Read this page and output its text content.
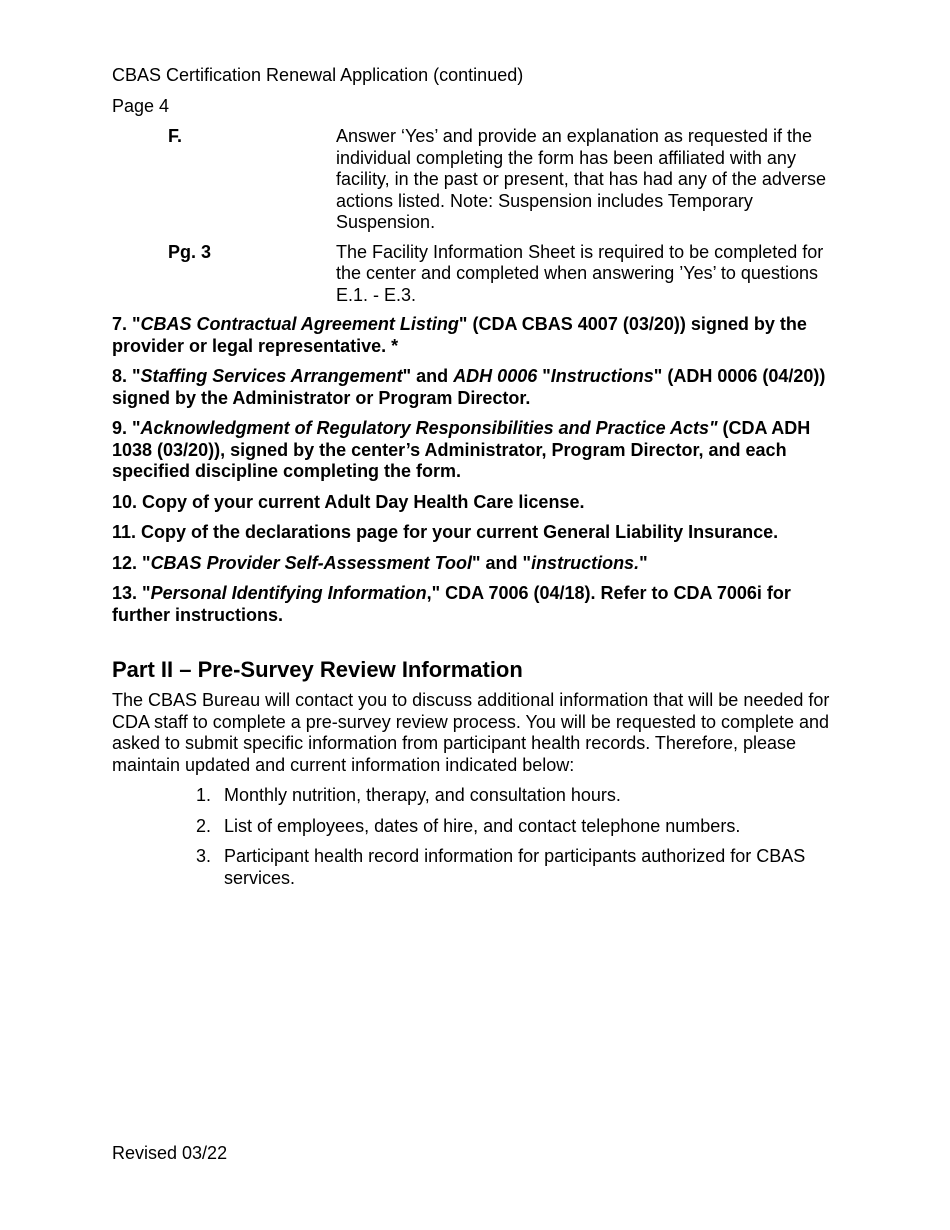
CBAS Certification Renewal Application (continued)
Page 4
F.	Answer ‘Yes’ and provide an explanation as requested if the individual completing the form has been affiliated with any facility, in the past or present, that has had any of the adverse actions listed. Note: Suspension includes Temporary Suspension.
Pg. 3	The Facility Information Sheet is required to be completed for the center and completed when answering ’Yes’ to questions E.1. - E.3.
7. "CBAS Contractual Agreement Listing" (CDA CBAS 4007 (03/20)) signed by the provider or legal representative. *
8. "Staffing Services Arrangement" and ADH 0006 "Instructions" (ADH 0006 (04/20)) signed by the Administrator or Program Director.
9. "Acknowledgment of Regulatory Responsibilities and Practice Acts" (CDA ADH 1038 (03/20)), signed by the center’s Administrator, Program Director, and each specified discipline completing the form.
10. Copy of your current Adult Day Health Care license.
11. Copy of the declarations page for your current General Liability Insurance.
12. "CBAS Provider Self-Assessment Tool" and "instructions."
13. "Personal Identifying Information," CDA 7006 (04/18). Refer to CDA 7006i for further instructions.
Part II – Pre-Survey Review Information
The CBAS Bureau will contact you to discuss additional information that will be needed for CDA staff to complete a pre-survey review process. You will be requested to complete and asked to submit specific information from participant health records. Therefore, please maintain updated and current information indicated below:
1. Monthly nutrition, therapy, and consultation hours.
2. List of employees, dates of hire, and contact telephone numbers.
3. Participant health record information for participants authorized for CBAS services.
Revised 03/22
